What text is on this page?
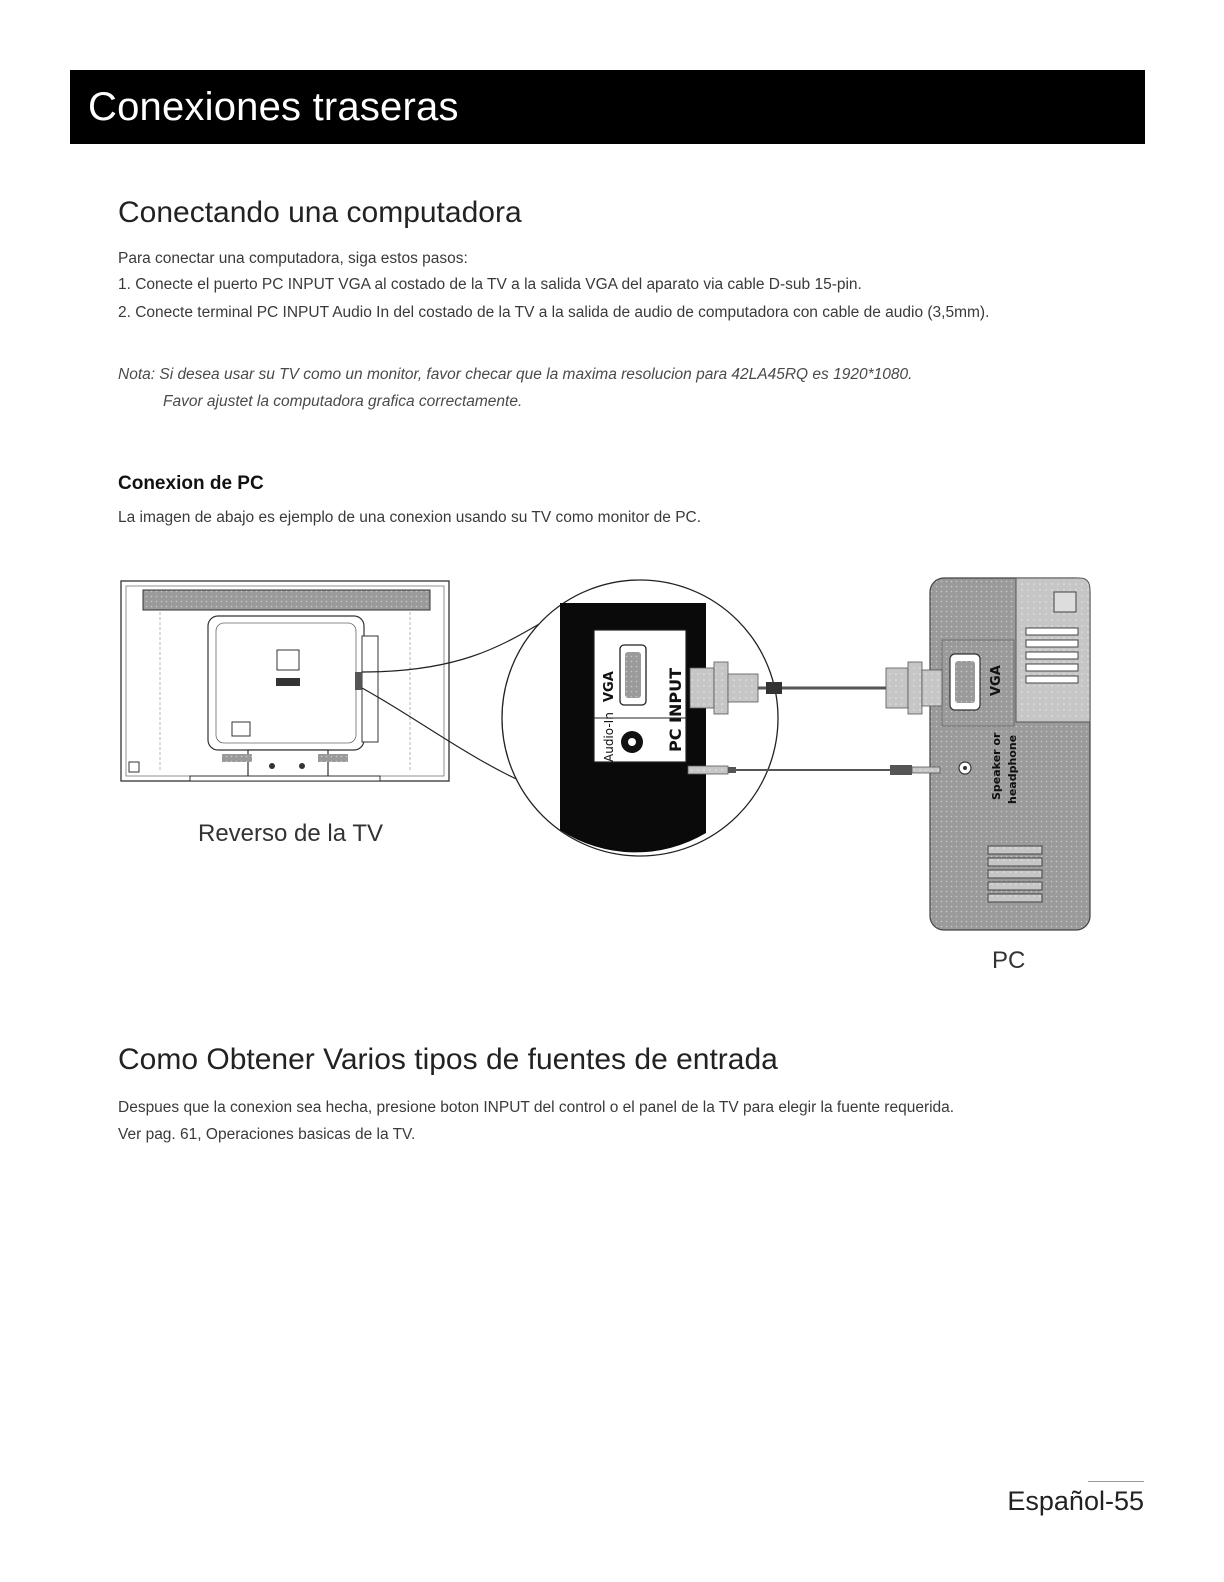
Conexiones traseras
Conectando una computadora

Para conectar una computadora, siga estos pasos:

1. Conecte el puerto PC INPUT VGA al costado de la TV a la salida VGA del aparato via cable D-sub 15-pin.

2. Conecte terminal PC INPUT Audio In del costado de la TV a la salida de audio de computadora con cable de audio (3,5mm).

Nota: Si desea usar su TV como un monitor, favor checar que la maxima resolucion para 42LA45RQ es 1920*1080.

Favor ajustet la computadora grafica correctamente.

Conexion de PC

La imagen de abajo es ejemplo de una conexion usando su TV como monitor de PC.

VGA
Audio-In	PC INPUT	VGA
Speaker or headphone

Reverso de la TV

PC

Como Obtener Varios tipos de fuentes de entrada

Despues que la conexion sea hecha, presione boton INPUT del control o el panel de la TV para elegir la fuente requerida.

Ver pag. 61, Operaciones basicas de la TV.

Español-55
